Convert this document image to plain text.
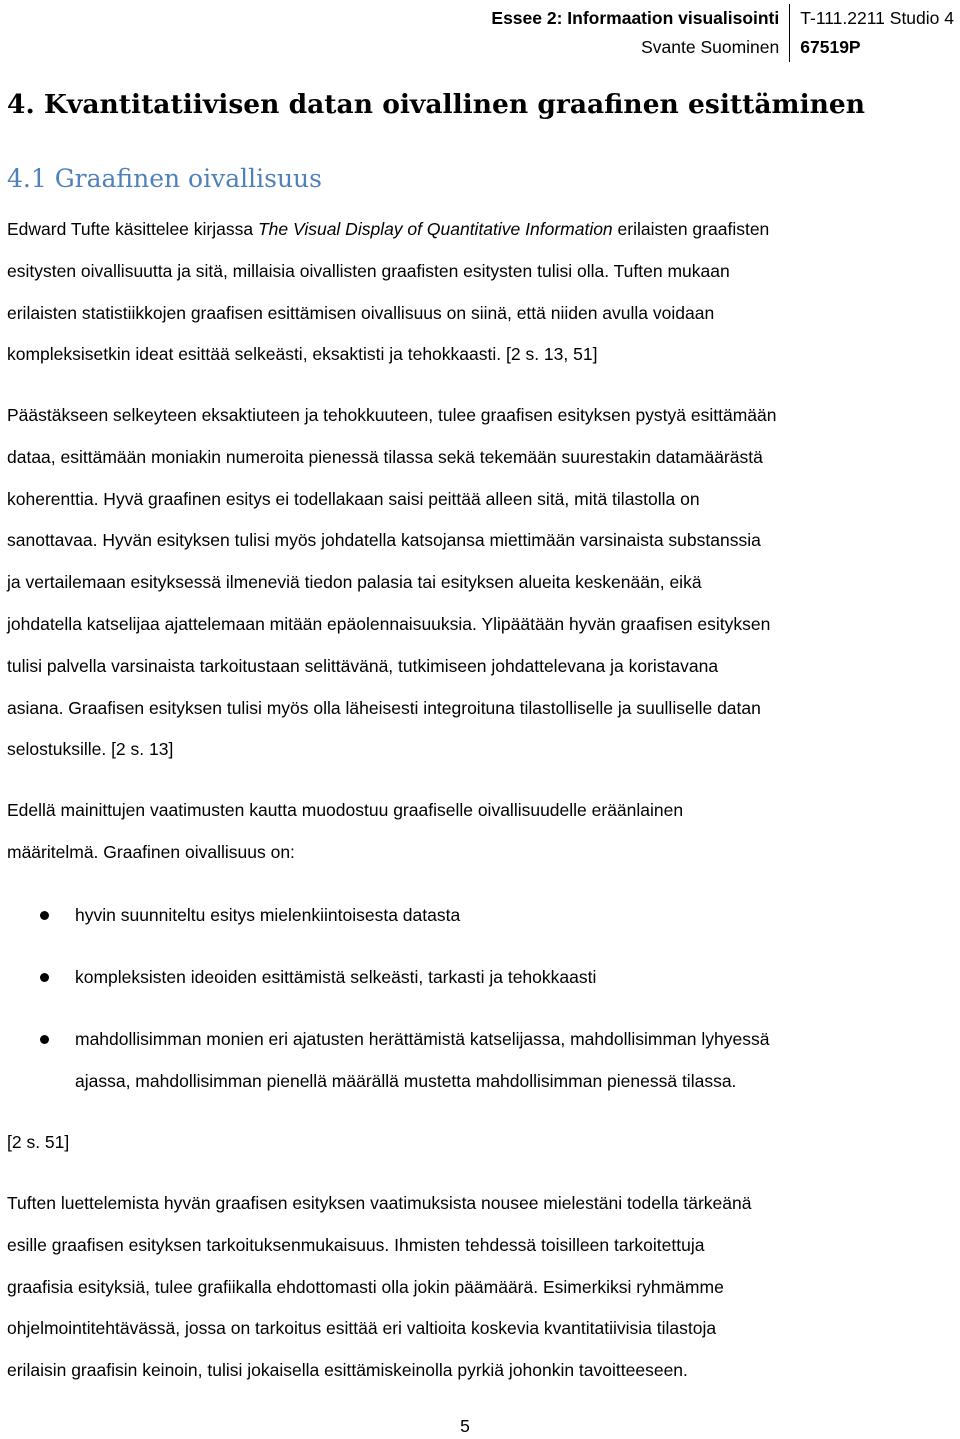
Essee 2: Informaation visualisointi T-111.2211 Studio 4
Svante Suominen 67519P
4. Kvantitatiivisen datan oivallinen graafinen esittäminen
4.1 Graafinen oivallisuus
Edward Tufte käsittelee kirjassa The Visual Display of Quantitative Information erilaisten graafisten
esitysten oivallisuutta ja sitä, millaisia oivallisten graafisten esitysten tulisi olla. Tuften mukaan
erilaisten statistiikkojen graafisen esittämisen oivallisuus on siinä, että niiden avulla voidaan
kompleksisetkin ideat esittää selkeästi, eksaktisti ja tehokkaasti. [2 s. 13, 51]
Päästäkseen selkeyteen eksaktiuteen ja tehokkuuteen, tulee graafisen esityksen pystyä esittämään
dataa, esittämään moniakin numeroita pienessä tilassa sekä tekemään suurestakin datamäärästä
koherenttia. Hyvä graafinen esitys ei todellakaan saisi peittää alleen sitä, mitä tilastolla on
sanottavaa. Hyvän esityksen tulisi myös johdatella katsojansa miettimään varsinaista substanssia
ja vertailemaan esityksessä ilmeneviä tiedon palasia tai esityksen alueita keskenään, eikä
johdatella katselijaa ajattelemaan mitään epäolennaisuuksia. Ylipäätään hyvän graafisen esityksen
tulisi palvella varsinaista tarkoitustaan selittävänä, tutkimiseen johdattelevana ja koristavana
asiana. Graafisen esityksen tulisi myös olla läheisesti integroituna tilastolliselle ja suulliselle datan
selostuksille. [2 s. 13]
Edellä mainittujen vaatimusten kautta muodostuu graafiselle oivallisuudelle eräänlainen
määritelmä. Graafinen oivallisuus on:
hyvin suunniteltu esitys mielenkiintoisesta datasta
kompleksisten ideoiden esittämistä selkeästi, tarkasti ja tehokkaasti
mahdollisimman monien eri ajatusten herättämistä katselijassa, mahdollisimman lyhyessä
ajassa, mahdollisimman pienellä määrällä mustetta mahdollisimman pienessä tilassa.
[2 s. 51]
Tuften luettelemista hyvän graafisen esityksen vaatimuksista nousee mielestäni todella tärkeänä
esille graafisen esityksen tarkoituksenmukaisuus. Ihmisten tehdessä toisilleen tarkoitettuja
graafisia esityksiä, tulee grafiikalla ehdottomasti olla jokin päämäärä. Esimerkiksi ryhmämme
ohjelmointitehtävässä, jossa on tarkoitus esittää eri valtioita koskevia kvantitatiivisia tilastoja
erilaisin graafisin keinoin, tulisi jokaisella esittämiskeinolla pyrkiä johonkin tavoitteeseen.
5
